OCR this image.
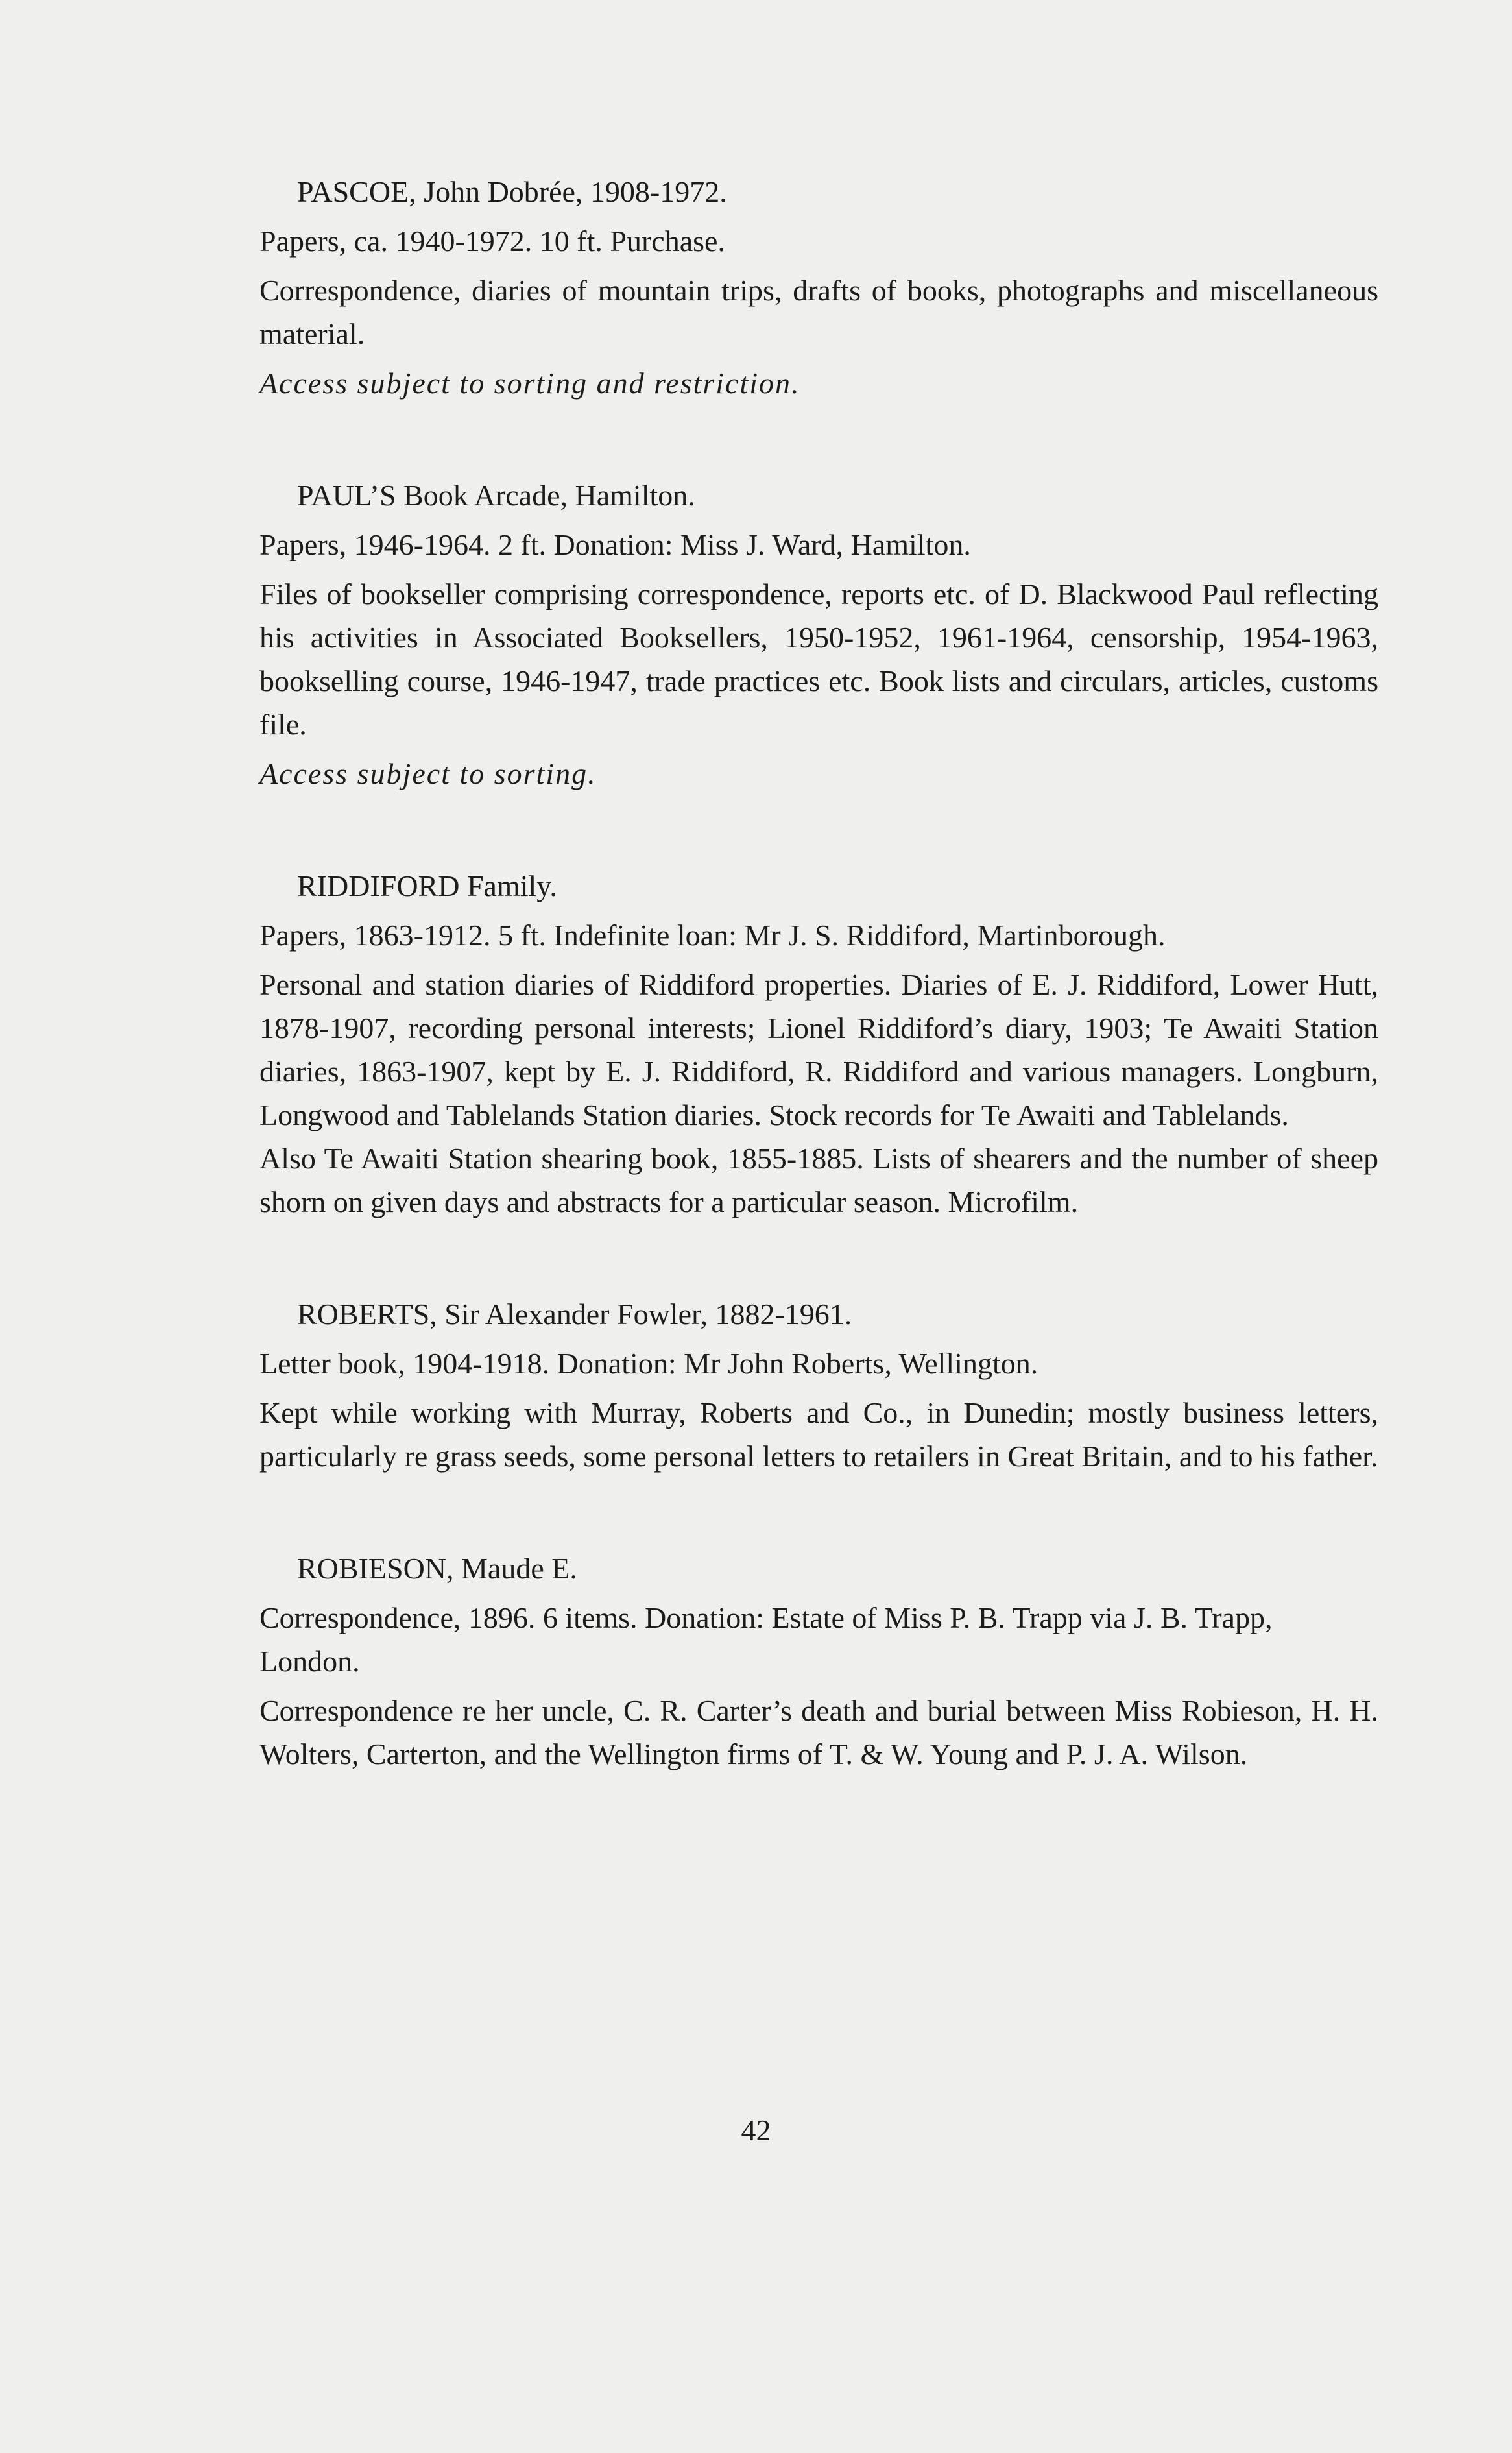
PASCOE, John Dobrée, 1908-1972.

Papers, ca. 1940-1972. 10 ft. Purchase.

Correspondence, diaries of mountain trips, drafts of books, photographs and miscellaneous material.

Access subject to sorting and restriction.

PAUL’S Book Arcade, Hamilton.

Papers, 1946-1964. 2 ft. Donation: Miss J. Ward, Hamilton.

Files of bookseller comprising correspondence, reports etc. of D. Blackwood Paul reflecting his activities in Associated Booksellers, 1950-1952, 1961-1964, censorship, 1954-1963, bookselling course, 1946-1947, trade practices etc. Book lists and circulars, articles, customs file.

Access subject to sorting.

RIDDIFORD Family.

Papers, 1863-1912. 5 ft. Indefinite loan: Mr J. S. Riddiford, Martinborough.

Personal and station diaries of Riddiford properties. Diaries of E. J. Riddiford, Lower Hutt, 1878-1907, recording personal interests; Lionel Riddiford’s diary, 1903; Te Awaiti Station diaries, 1863-1907, kept by E. J. Riddiford, R. Riddiford and various managers. Longburn, Longwood and Tablelands Station diaries. Stock records for Te Awaiti and Tablelands.

Also Te Awaiti Station shearing book, 1855-1885. Lists of shearers and the number of sheep shorn on given days and abstracts for a particular season. Microfilm.

ROBERTS, Sir Alexander Fowler, 1882-1961.

Letter book, 1904-1918. Donation: Mr John Roberts, Wellington.

Kept while working with Murray, Roberts and Co., in Dunedin; mostly business letters, particularly re grass seeds, some personal letters to retailers in Great Britain, and to his father.

ROBIESON, Maude E.

Correspondence, 1896. 6 items. Donation: Estate of Miss P. B. Trapp via J. B. Trapp, London.

Correspondence re her uncle, C. R. Carter’s death and burial between Miss Robieson, H. H. Wolters, Carterton, and the Wellington firms of T. & W. Young and P. J. A. Wilson.

42
